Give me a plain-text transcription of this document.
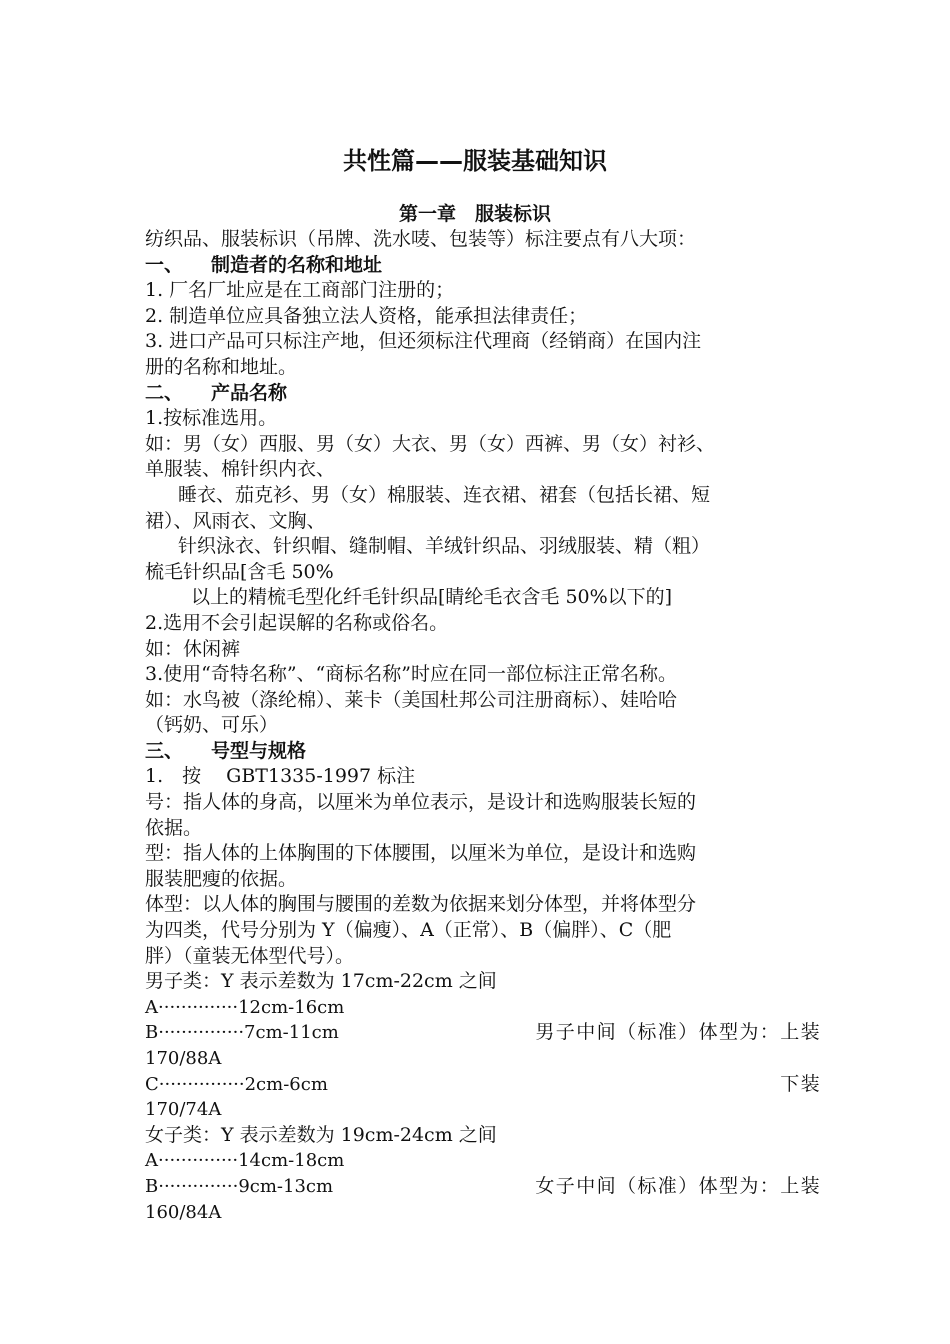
共性篇——服装基础知识
第一章　服装标识
纺织品、服装标识（吊牌、洗水唛、包装等）标注要点有八大项：
一、 制造者的名称和地址
1. 厂名厂址应是在工商部门注册的；
2. 制造单位应具备独立法人资格，能承担法律责任；
3. 进口产品可只标注产地，但还须标注代理商（经销商）在国内注
册的名称和地址。
二、 产品名称
1.按标准选用。
如：男（女）西服、男（女）大衣、男（女）西裤、男（女）衬衫、
单服装、棉针织内衣、
睡衣、茄克衫、男（女）棉服装、连衣裙、裙套（包括长裙、短
裙）、风雨衣、文胸、
针织泳衣、针织帽、缝制帽、羊绒针织品、羽绒服装、精（粗）
梳毛针织品[含毛 50%
以上的精梳毛型化纤毛针织品[睛纶毛衣含毛 50%以下的]
2.选用不会引起误解的名称或俗名。
如：休闲裤
3.使用“奇特名称”、“商标名称”时应在同一部位标注正常名称。
如：水鸟被（涤纶棉）、莱卡（美国杜邦公司注册商标）、娃哈哈
（钙奶、可乐）
三、 号型与规格
1.　按　 GBT1335-1997 标注
号：指人体的身高，以厘米为单位表示，是设计和选购服装长短的
依据。
型：指人体的上体胸围的下体腰围，以厘米为单位，是设计和选购
服装肥瘦的依据。
体型：以人体的胸围与腰围的差数为依据来划分体型，并将体型分
为四类，代号分别为 Y（偏瘦）、A（正常）、B（偏胖）、C（肥
胖）（童装无体型代号）。
男子类：Y 表示差数为 17cm-22cm 之间
A··············12cm-16cm
B···············7cm-11cm	男子中间（标准）体型为：上装
170/88A
C···············2cm-6cm	下装
170/74A
女子类：Y 表示差数为 19cm-24cm 之间
A··············14cm-18cm
B··············9cm-13cm	女子中间（标准）体型为：上装
160/84A
